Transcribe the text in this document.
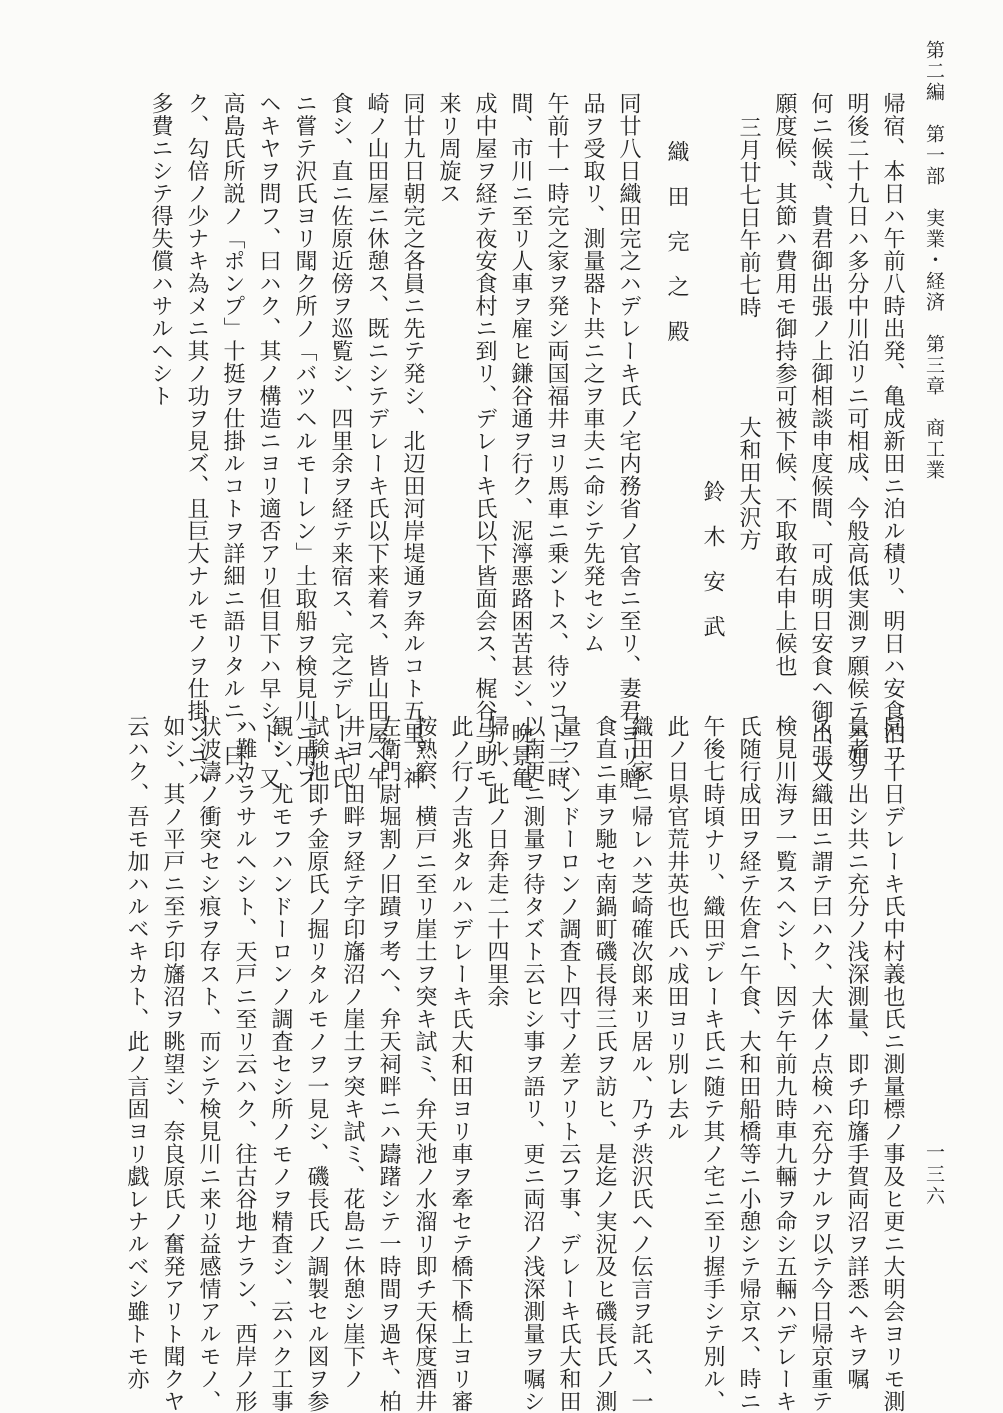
第二編　第一部　実業・経済　第三章　商工業
一三六
帰宿、本日ハ午前八時出発、亀成新田ニ泊ル積リ、明日ハ安食泊リ
明後二十九日ハ多分中川泊リニ可相成、今般高低実測ヲ願候テハ如
何ニ候哉、貴君御出張ノ上御相談申度候間、可成明日安食ヘ御出張
願度候、其節ハ費用モ御持参可被下候、不取敢右申上候也
三月廿七日午前七時
大和田大沢方
鈴　木　安　武
織　田　完　之　殿
同廿八日織田完之ハデレーキ氏ノ宅内務省ノ官舎ニ至リ、妻君ヨリ贈
品ヲ受取リ、測量器ト共ニ之ヲ車夫ニ命シテ先発セシム
午前十一時完之家ヲ発シ両国福井ヨリ馬車ニ乗ントス、待ツコト二時
間、市川ニ至リ人車ヲ雇ヒ鎌谷通ヲ行ク、泥濘悪路困苦甚シ、晩景亀
成中屋ヲ経テ夜安食村ニ到リ、デレーキ氏以下皆面会ス、梶谷与助モ
来リ周旋ス
同廿九日朝完之各員ニ先テ発シ、北辺田河岸堤通ヲ奔ルコト五里、神
崎ノ山田屋ニ休憩ス、既ニシテデレーキ氏以下来着ス、皆山田屋ヘ午
食シ、直ニ佐原近傍ヲ巡覧シ、四里余ヲ経テ来宿ス、完之デレーキ氏
ニ嘗テ沢氏ヨリ聞ク所ノ「バツヘルモーレン」土取船ヲ検見川ニ用フ
ヘキヤヲ問フ、曰ハク、其ノ構造ニヨリ適否アリ但目下ハ早シト、又
高島氏所説ノ「ポンプ」十挺ヲ仕掛ルコトヲ詳細ニ語リタルニ、曰ハ
ク、勾倍ノ少ナキ為メニ其ノ功ヲ見ズ、且巨大ナルモノヲ仕掛ンニハ
多費ニシテ得失償ハサルヘシト
同三十日デレーキ氏中村義也氏ニ測量標ノ事及ヒ更ニ大明会ヨリモ測
量者ヲ出シ共ニ充分ノ浅深測量、即チ印旛手賀両沼ヲ詳悉ヘキヲ嘱
ス、又織田ニ謂テ曰ハク、大体ノ点検ハ充分ナルヲ以テ今日帰京重テ
検見川海ヲ一覧スヘシト、因テ午前九時車九輛ヲ命シ五輛ハデレーキ
氏随行成田ヲ経テ佐倉ニ午食、大和田船橋等ニ小憩シテ帰京ス、時ニ
午後七時頃ナリ、織田デレーキ氏ニ随テ其ノ宅ニ至リ握手シテ別ル、
此ノ日県官荒井英也氏ハ成田ヨリ別レ去ル
織田家ニ帰レハ芝崎確次郎来リ居ル、乃チ渋沢氏ヘノ伝言ヲ託ス、一
食直ニ車ヲ馳セ南鍋町磯長得三氏ヲ訪ヒ、是迄ノ実況及ヒ磯長氏ノ測
量フハンドーロンノ調査ト四寸ノ差アリト云フ事、デレーキ氏大和田
以南更ニ測量ヲ待タズト云ヒシ事ヲ語リ、更ニ両沼ノ浅深測量ヲ嘱シ
帰ル、此ノ日奔走二十四里余
此ノ行ノ吉兆タルハデレーキ氏大和田ヨリ車ヲ牽セテ橋下橋上ヨリ審
按熟察、横戸ニ至リ崖土ヲ突キ試ミ、弁天池ノ水溜リ即チ天保度酒井
左衛門尉堀割ノ旧蹟ヲ考ヘ、弁天祠畔ニハ躊躇シテ一時間ヲ過キ、柏
井ヨリ田畔ヲ経テ字印旛沼ノ崖土ヲ突キ試ミ、花島ニ休憩シ崖下ノ
試験池即チ金原氏ノ掘リタルモノヲ一見シ、磯長氏ノ調製セル図ヲ参
観シ、尤モフハンドーロンノ調査セシ所ノモノヲ精査シ、云ハク工事
ハ難カラサルヘシト、天戸ニ至リ云ハク、往古谷地ナラン、西岸ノ形
状波濤ノ衝突セシ痕ヲ存スト、而シテ検見川ニ来リ益感情アルモノ、
如シ、其ノ平戸ニ至テ印旛沼ヲ眺望シ、奈良原氏ノ奮発アリト聞クヤ
云ハク、吾モ加ハルベキカト、此ノ言固ヨリ戯レナルベシ雖トモ亦
